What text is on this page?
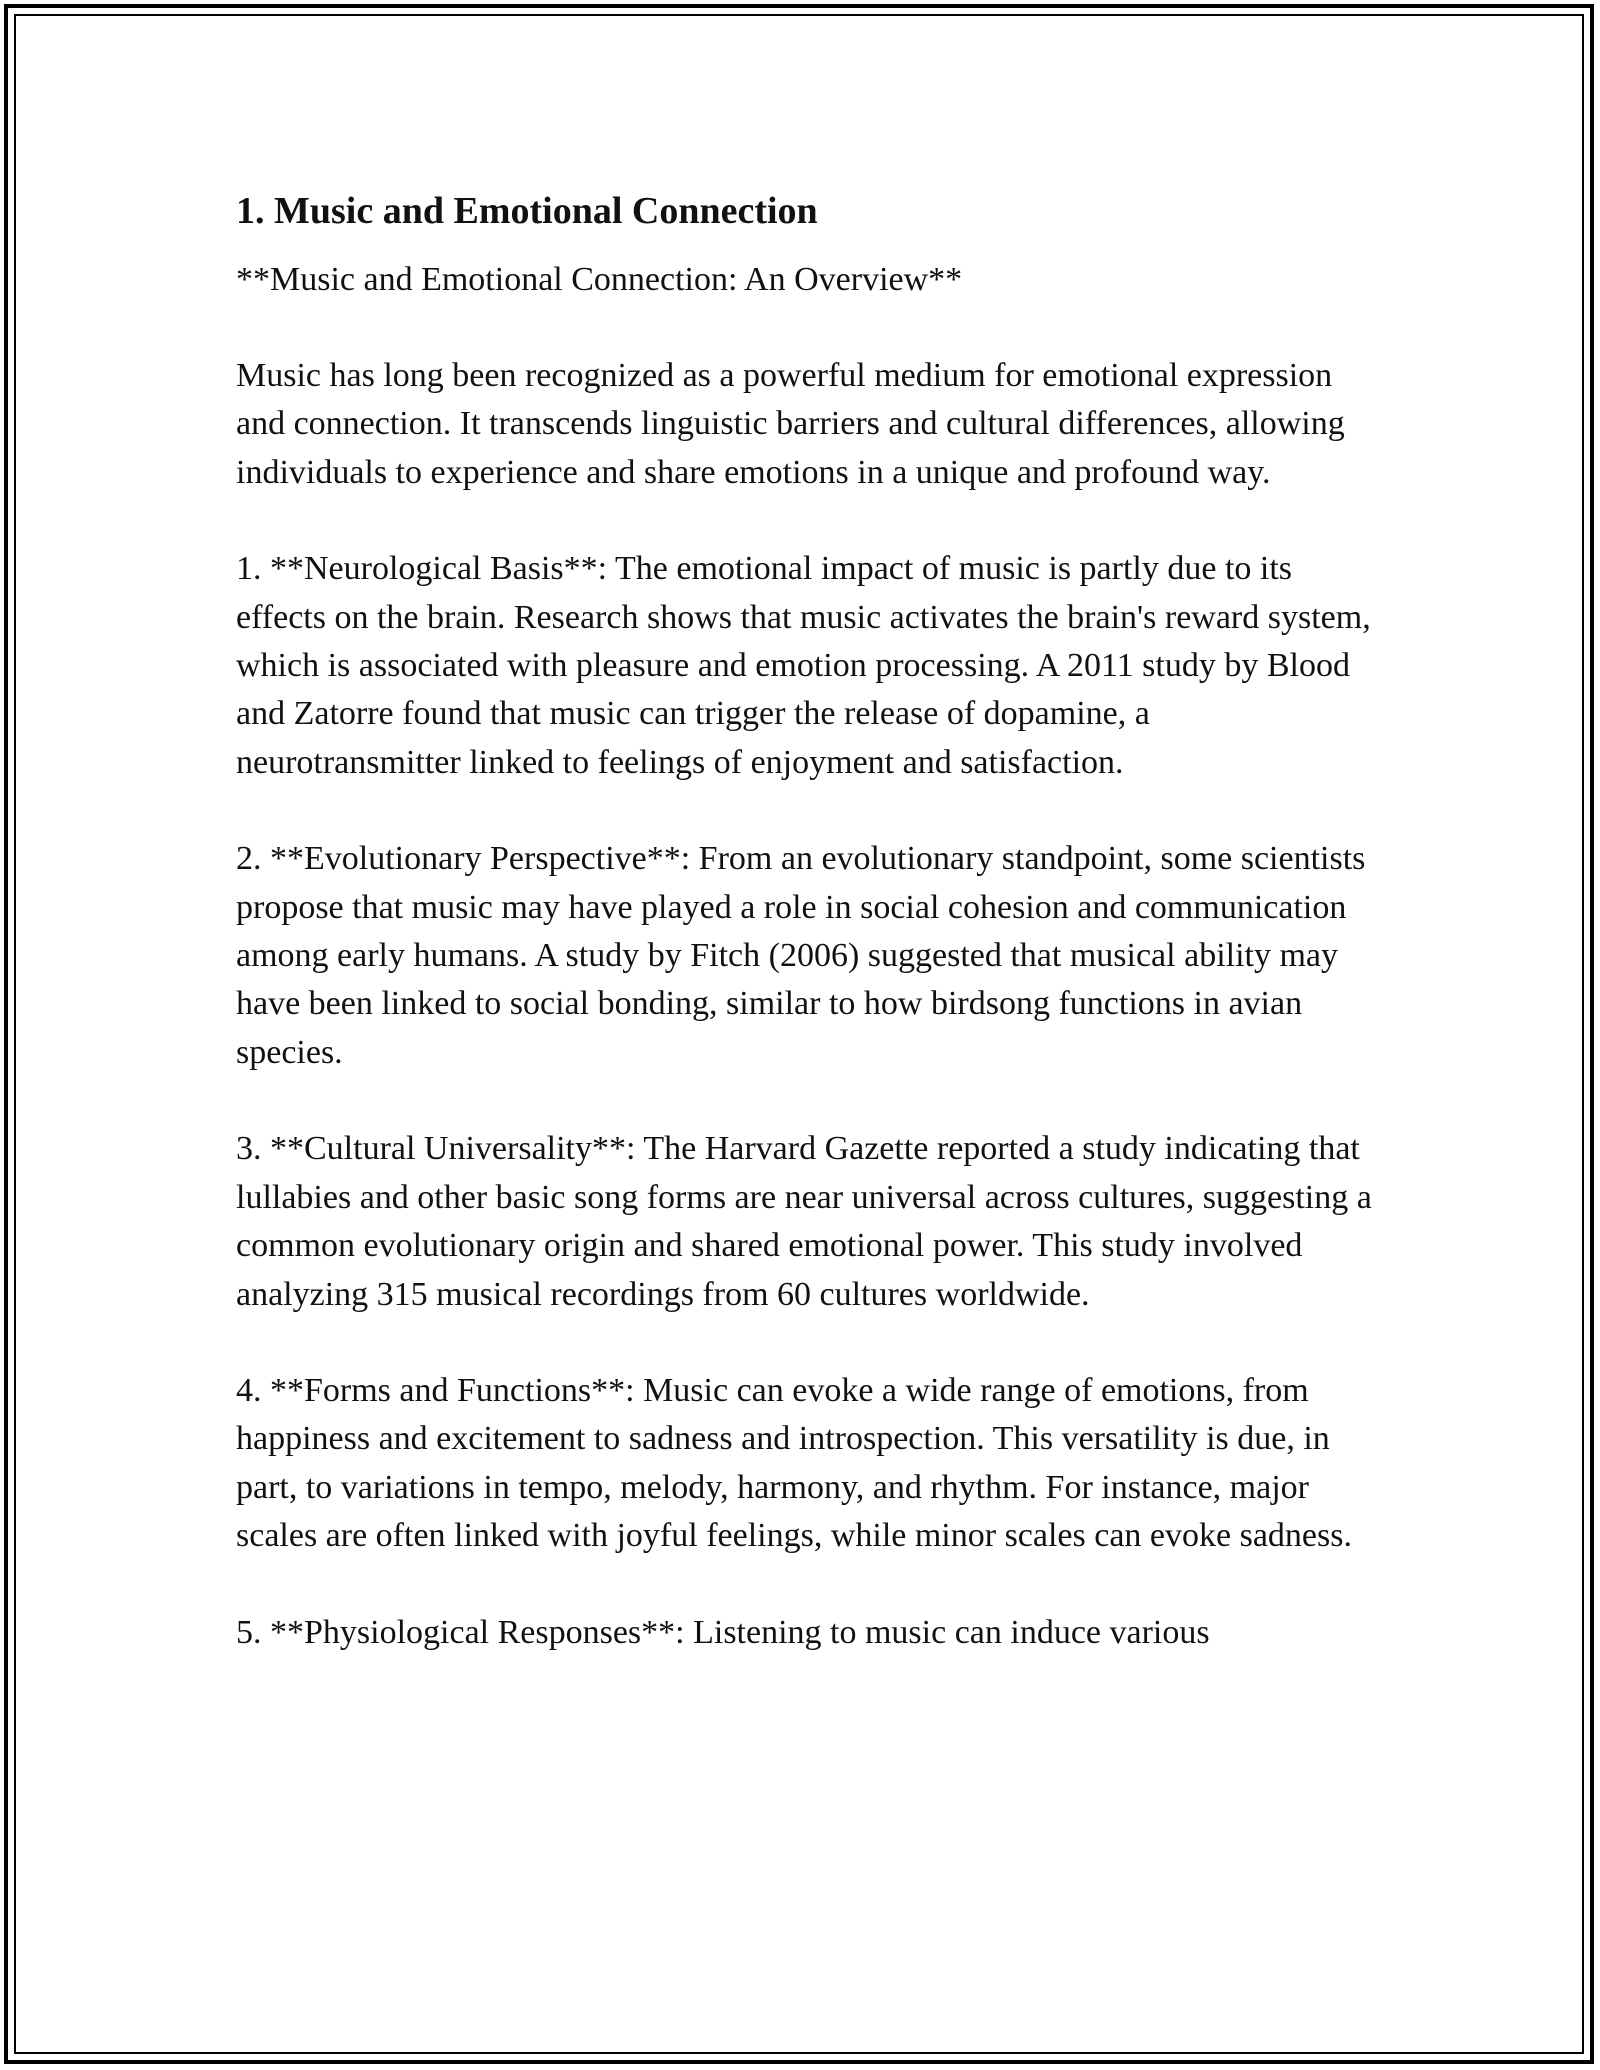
1. Music and Emotional Connection

**Music and Emotional Connection: An Overview**

Music has long been recognized as a powerful medium for emotional expression and connection. It transcends linguistic barriers and cultural differences, allowing individuals to experience and share emotions in a unique and profound way.

1. **Neurological Basis**: The emotional impact of music is partly due to its effects on the brain. Research shows that music activates the brain's reward system, which is associated with pleasure and emotion processing. A 2011 study by Blood and Zatorre found that music can trigger the release of dopamine, a neurotransmitter linked to feelings of enjoyment and satisfaction.

2. **Evolutionary Perspective**: From an evolutionary standpoint, some scientists propose that music may have played a role in social cohesion and communication among early humans. A study by Fitch (2006) suggested that musical ability may have been linked to social bonding, similar to how birdsong functions in avian species.

3. **Cultural Universality**: The Harvard Gazette reported a study indicating that lullabies and other basic song forms are near universal across cultures, suggesting a common evolutionary origin and shared emotional power. This study involved analyzing 315 musical recordings from 60 cultures worldwide.

4. **Forms and Functions**: Music can evoke a wide range of emotions, from happiness and excitement to sadness and introspection. This versatility is due, in part, to variations in tempo, melody, harmony, and rhythm. For instance, major scales are often linked with joyful feelings, while minor scales can evoke sadness.

5. **Physiological Responses**: Listening to music can induce various
